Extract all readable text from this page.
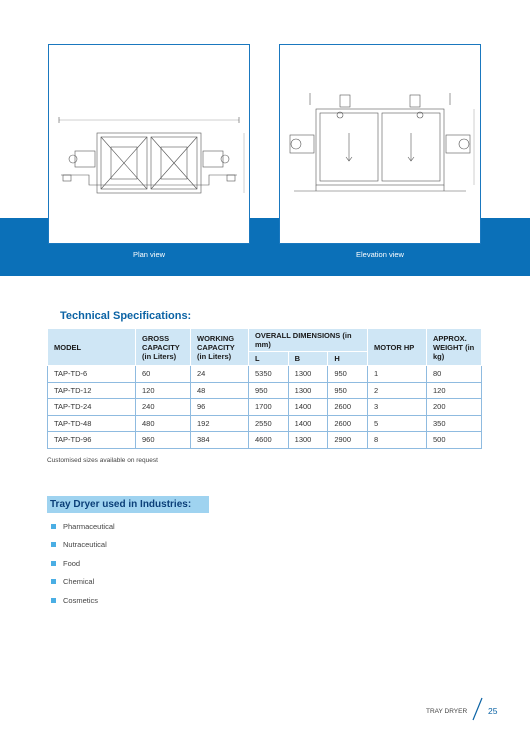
Plan view	Elevation view
Technical Specifications:
MODEL	GROSS CAPACITY (in Liters)	WORKING CAPACITY (in Liters)	OVERALL DIMENSIONS (in mm)			MOTOR HP	APPROX. WEIGHT (in kg)
			L	B	H		
TAP-TD-6	60	24	5350	1300	950	1	80
TAP-TD-12	120	48	950	1300	950	2	120
TAP-TD-24	240	96	1700	1400	2600	3	200
TAP-TD-48	480	192	2550	1400	2600	5	350
TAP-TD-96	960	384	4600	1300	2900	8	500
Customised sizes available on request
Tray Dryer used in Industries:
Pharmaceutical
Nutraceutical
Food
Chemical
Cosmetics
TRAY DRYER 25
